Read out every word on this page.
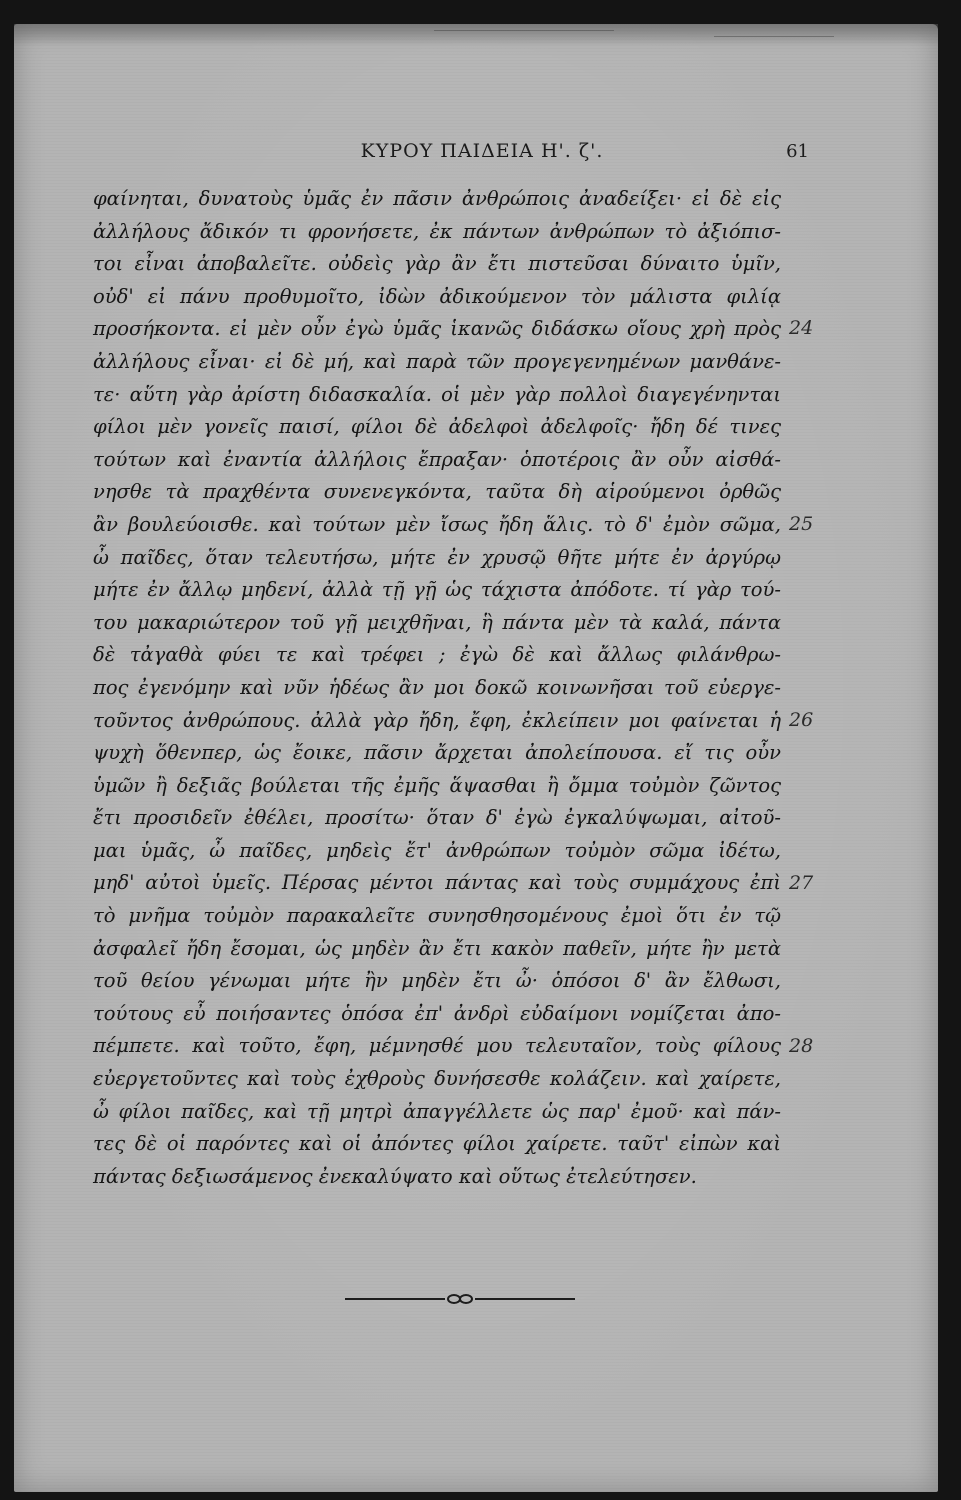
ΚΥΡΟΥ ΠΑΙΔΕΙΑ Η'. ζ'.	61
φαίνηται, δυνατοὺς ὑμᾶς ἐν πᾶσιν ἀνθρώποις ἀναδείξει· εἰ δὲ εἰς
ἀλλήλους ἄδικόν τι φρονήσετε, ἐκ πάντων ἀνθρώπων τὸ ἀξιόπισ-
τοι εἶναι ἀποβαλεῖτε. οὐδεὶς γὰρ ἂν ἔτι πιστεῦσαι δύναιτο ὑμῖν,
οὐδ' εἰ πάνυ προθυμοῖτο, ἰδὼν ἀδικούμενον τὸν μάλιστα φιλίᾳ
προσήκοντα. εἰ μὲν οὖν ἐγὼ ὑμᾶς ἱκανῶς διδάσκω οἵους χρὴ πρὸς
ἀλλήλους εἶναι· εἰ δὲ μή, καὶ παρὰ τῶν προγεγενημένων μανθάνε-
τε· αὕτη γὰρ ἀρίστη διδασκαλία. οἱ μὲν γὰρ πολλοὶ διαγεγένηνται
φίλοι μὲν γονεῖς παισί, φίλοι δὲ ἀδελφοὶ ἀδελφοῖς· ἤδη δέ τινες
τούτων καὶ ἐναντία ἀλλήλοις ἔπραξαν· ὁποτέροις ἂν οὖν αἰσθά-
νησθε τὰ πραχθέντα συνενεγκόντα, ταῦτα δὴ αἱρούμενοι ὀρθῶς
ἂν βουλεύοισθε. καὶ τούτων μὲν ἴσως ἤδη ἅλις. τὸ δ' ἐμὸν σῶμα,
ὦ παῖδες, ὅταν τελευτήσω, μήτε ἐν χρυσῷ θῆτε μήτε ἐν ἀργύρῳ
μήτε ἐν ἄλλῳ μηδενί, ἀλλὰ τῇ γῇ ὡς τάχιστα ἀπόδοτε. τί γὰρ τού-
του μακαριώτερον τοῦ γῇ μειχθῆναι, ἣ πάντα μὲν τὰ καλά, πάντα
δὲ τἀγαθὰ φύει τε καὶ τρέφει ; ἐγὼ δὲ καὶ ἄλλως φιλάνθρω-
πος ἐγενόμην καὶ νῦν ἡδέως ἂν μοι δοκῶ κοινωνῆσαι τοῦ εὐεργε-
τοῦντος ἀνθρώπους. ἀλλὰ γὰρ ἤδη, ἔφη, ἐκλείπειν μοι φαίνεται ἡ
ψυχὴ ὅθενπερ, ὡς ἔοικε, πᾶσιν ἄρχεται ἀπολείπουσα. εἴ τις οὖν
ὑμῶν ἢ δεξιᾶς βούλεται τῆς ἐμῆς ἅψασθαι ἢ ὄμμα τοὐμὸν ζῶντος
ἔτι προσιδεῖν ἐθέλει, προσίτω· ὅταν δ' ἐγὼ ἐγκαλύψωμαι, αἰτοῦ-
μαι ὑμᾶς, ὦ παῖδες, μηδεὶς ἔτ' ἀνθρώπων τοὐμὸν σῶμα ἰδέτω,
μηδ' αὐτοὶ ὑμεῖς. Πέρσας μέντοι πάντας καὶ τοὺς συμμάχους ἐπὶ
τὸ μνῆμα τοὐμὸν παρακαλεῖτε συνησθησομένους ἐμοὶ ὅτι ἐν τῷ
ἀσφαλεῖ ἤδη ἔσομαι, ὡς μηδὲν ἂν ἔτι κακὸν παθεῖν, μήτε ἢν μετὰ
τοῦ θείου γένωμαι μήτε ἢν μηδὲν ἔτι ὦ· ὁπόσοι δ' ἂν ἔλθωσι,
τούτους εὖ ποιήσαντες ὁπόσα ἐπ' ἀνδρὶ εὐδαίμονι νομίζεται ἀπο-
πέμπετε. καὶ τοῦτο, ἔφη, μέμνησθέ μου τελευταῖον, τοὺς φίλους
εὐεργετοῦντες καὶ τοὺς ἐχθροὺς δυνήσεσθε κολάζειν. καὶ χαίρετε,
ὦ φίλοι παῖδες, καὶ τῇ μητρὶ ἀπαγγέλλετε ὡς παρ' ἐμοῦ· καὶ πάν-
τες δὲ οἱ παρόντες καὶ οἱ ἀπόντες φίλοι χαίρετε. ταῦτ' εἰπὼν καὶ
πάντας δεξιωσάμενος ἐνεκαλύψατο καὶ οὕτως ἐτελεύτησεν.
24
25
26
27
28
